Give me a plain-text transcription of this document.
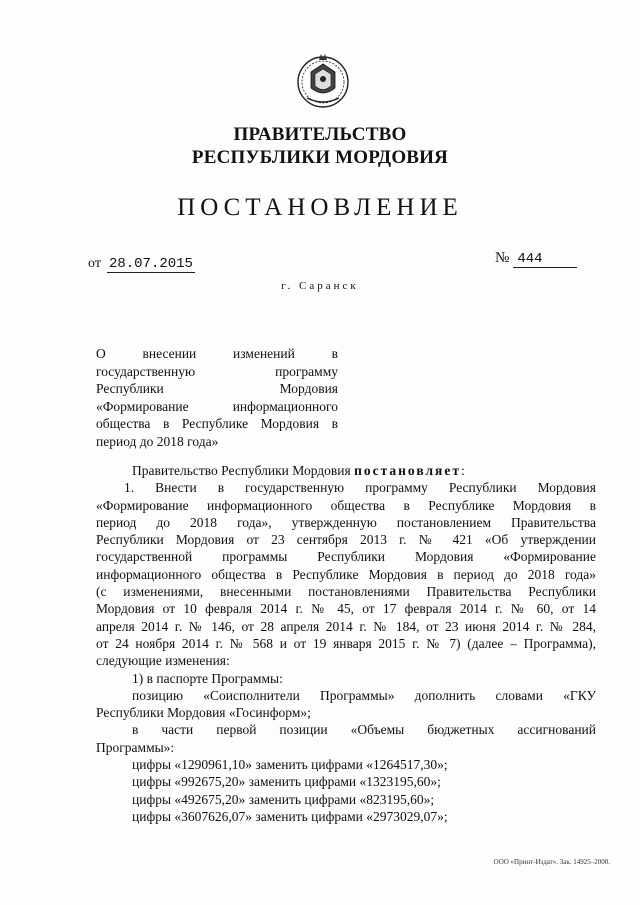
ПРАВИТЕЛЬСТВО
РЕСПУБЛИКИ МОРДОВИЯ
ПОСТАНОВЛЕНИЕ
от 28.07.2015	№ 444
г. Саранск
О внесении изменений в
государственную программу
Республики Мордовия
«Формирование информационного
общества в Республике Мордовия в
период до 2018 года»
Правительство Республики Мордовия постановляет:
1. Внести в государственную программу Республики Мордовия
«Формирование информационного общества в Республике Мордовия в
период до 2018 года», утвержденную постановлением Правительства
Республики Мордовия от 23 сентября 2013 г. № 421 «Об утверждении
государственной программы Республики Мордовия «Формирование
информационного общества в Республике Мордовия в период до 2018 года»
(с изменениями, внесенными постановлениями Правительства Республики
Мордовия от 10 февраля 2014 г. № 45, от 17 февраля 2014 г. № 60, от 14
апреля 2014 г. № 146, от 28 апреля 2014 г. № 184, от 23 июня 2014 г. № 284,
от 24 ноября 2014 г. № 568 и от 19 января 2015 г. № 7) (далее – Программа),
следующие изменения:
1) в паспорте Программы:
позицию «Соисполнители Программы» дополнить словами «ГКУ
Республики Мордовия «Госинформ»;
в части первой позиции «Объемы бюджетных ассигнований
Программы»:
цифры «1290961,10» заменить цифрами «1264517,30»;
цифры «992675,20» заменить цифрами «1323195,60»;
цифры «492675,20» заменить цифрами «823195,60»;
цифры «3607626,07» заменить цифрами «2973029,07»;
ООО «Принт-Издат». Зак. 14925–2000.
